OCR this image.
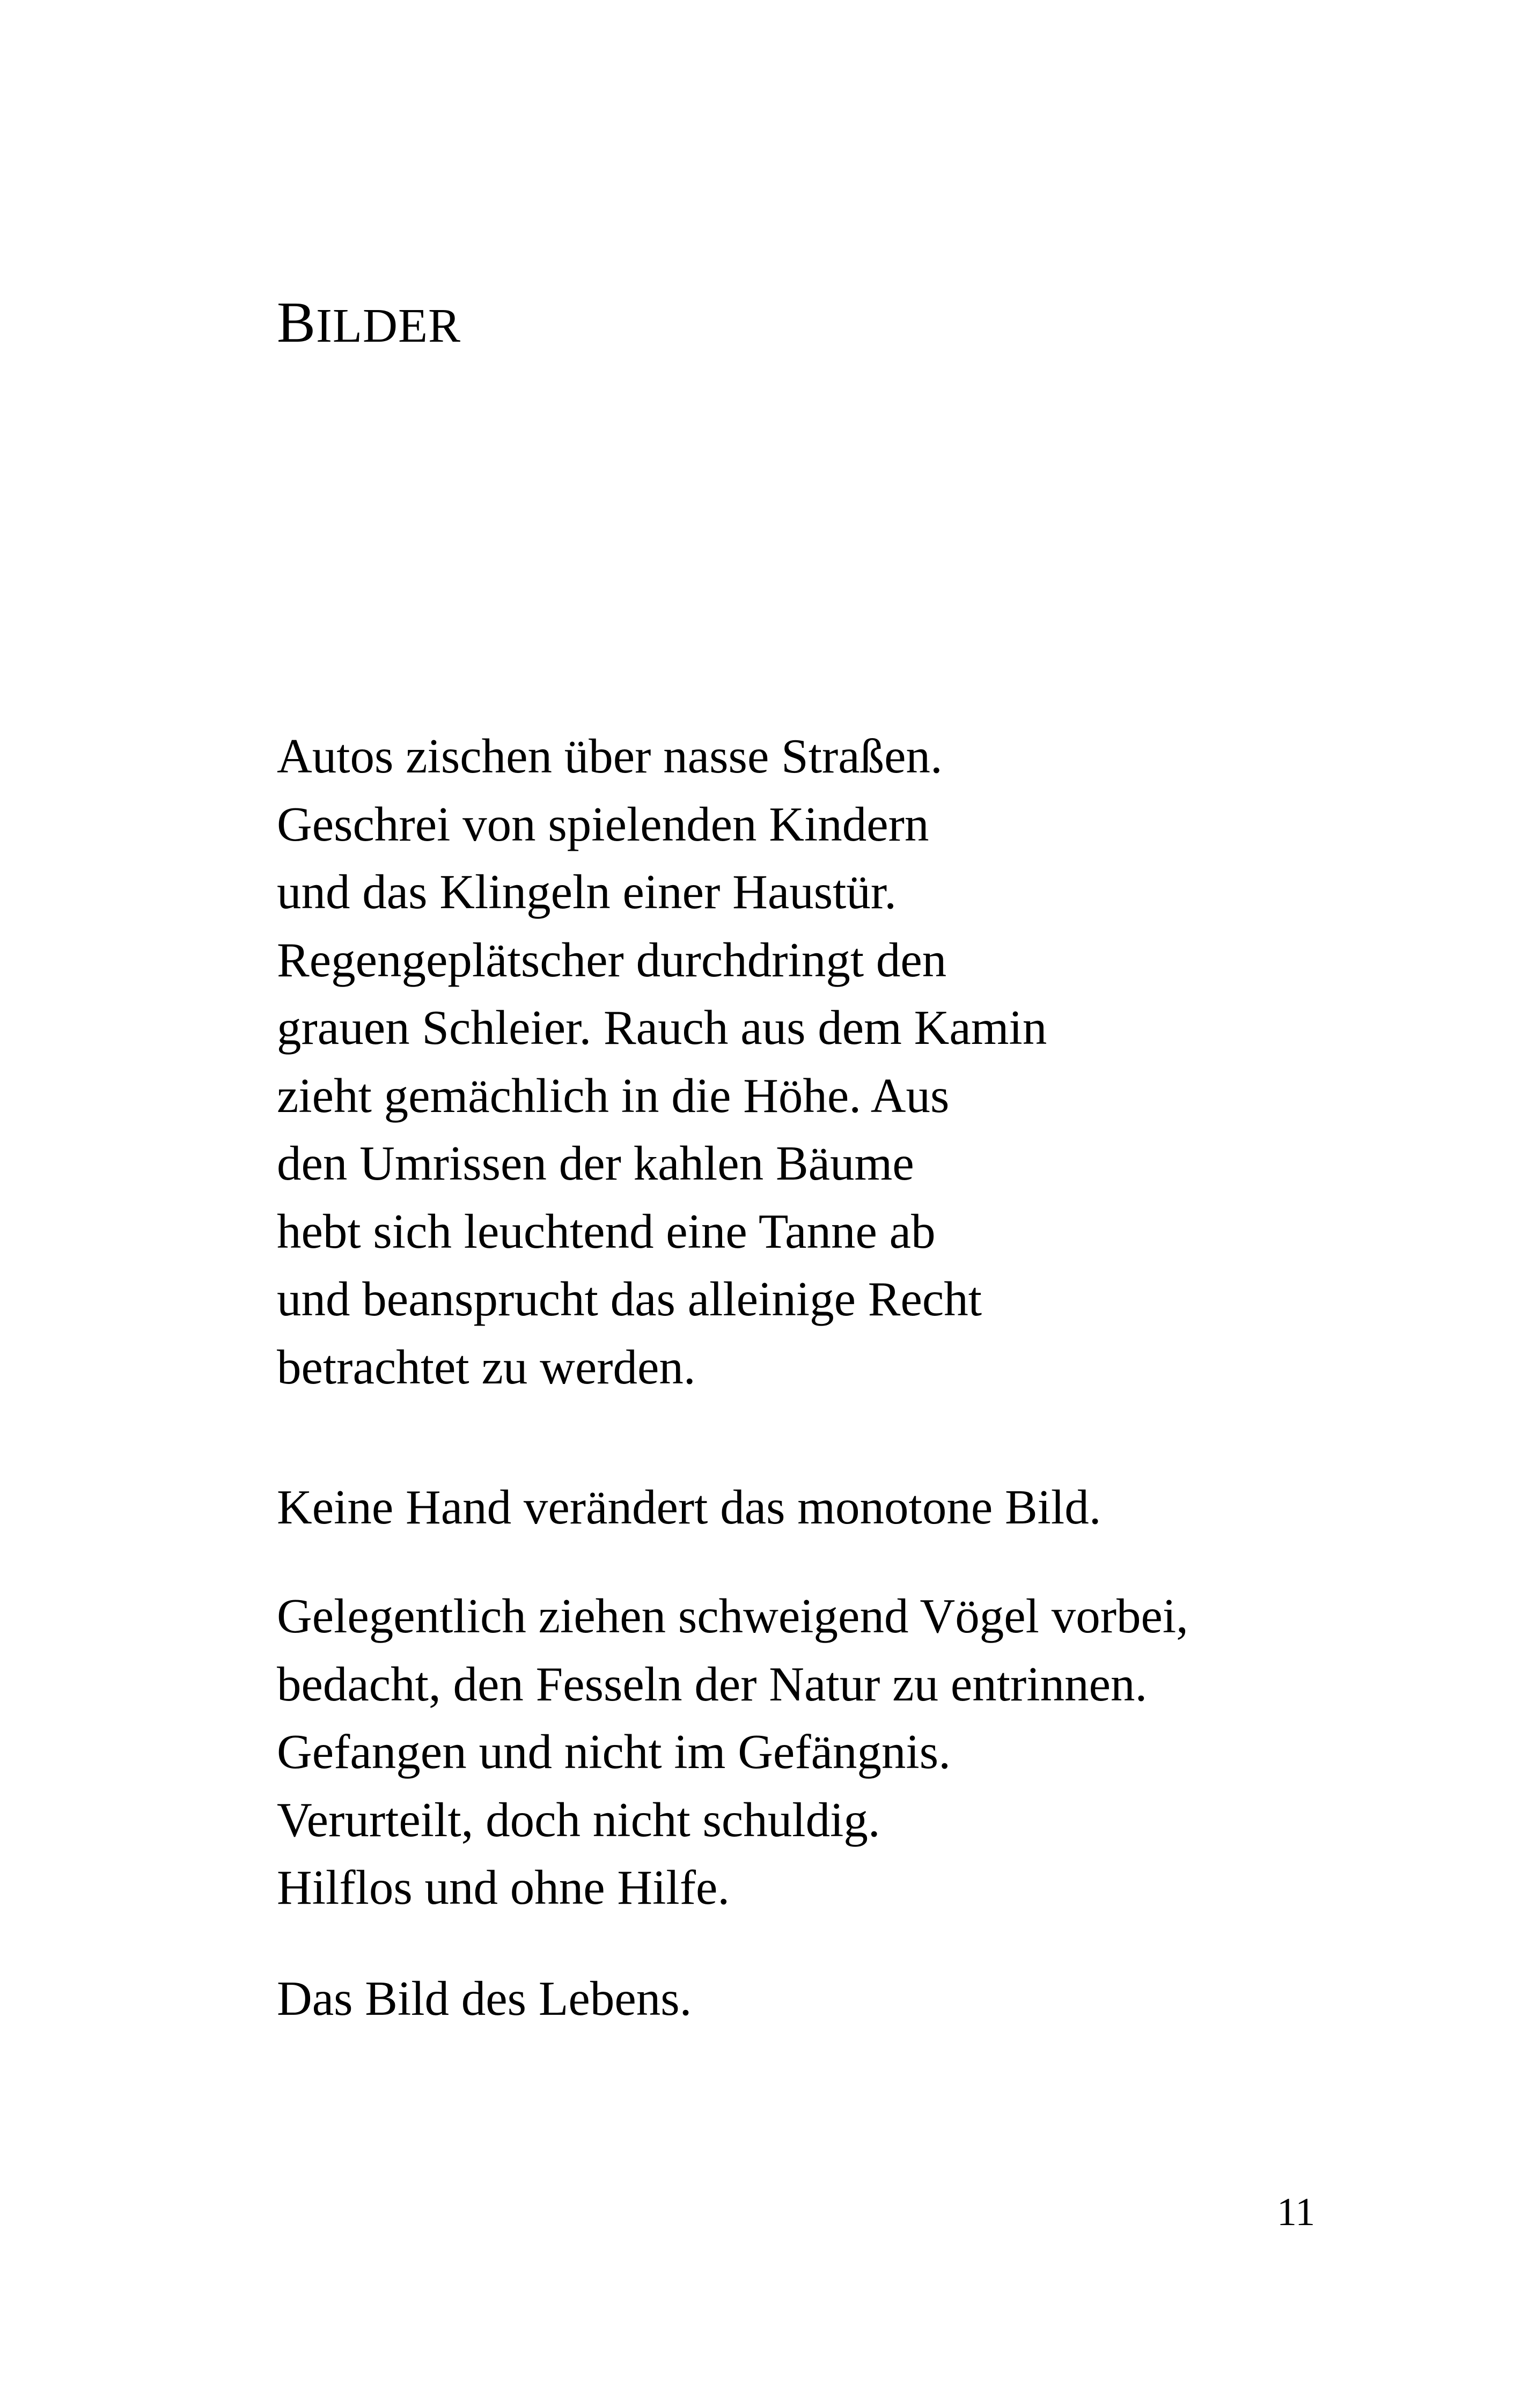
BILDER
Autos zischen über nasse Straßen.
Geschrei von spielenden Kindern
und das Klingeln einer Haustür.
Regengeplätscher durchdringt den
grauen Schleier. Rauch aus dem Kamin
zieht gemächlich in die Höhe. Aus
den Umrissen der kahlen Bäume
hebt sich leuchtend eine Tanne ab
und beansprucht das alleinige Recht
betrachtet zu werden.
Keine Hand verändert das monotone Bild.
Gelegentlich ziehen schweigend Vögel vorbei,
bedacht, den Fesseln der Natur zu entrinnen.
Gefangen und nicht im Gefängnis.
Verurteilt, doch nicht schuldig.
Hilflos und ohne Hilfe.
Das Bild des Lebens.
11
